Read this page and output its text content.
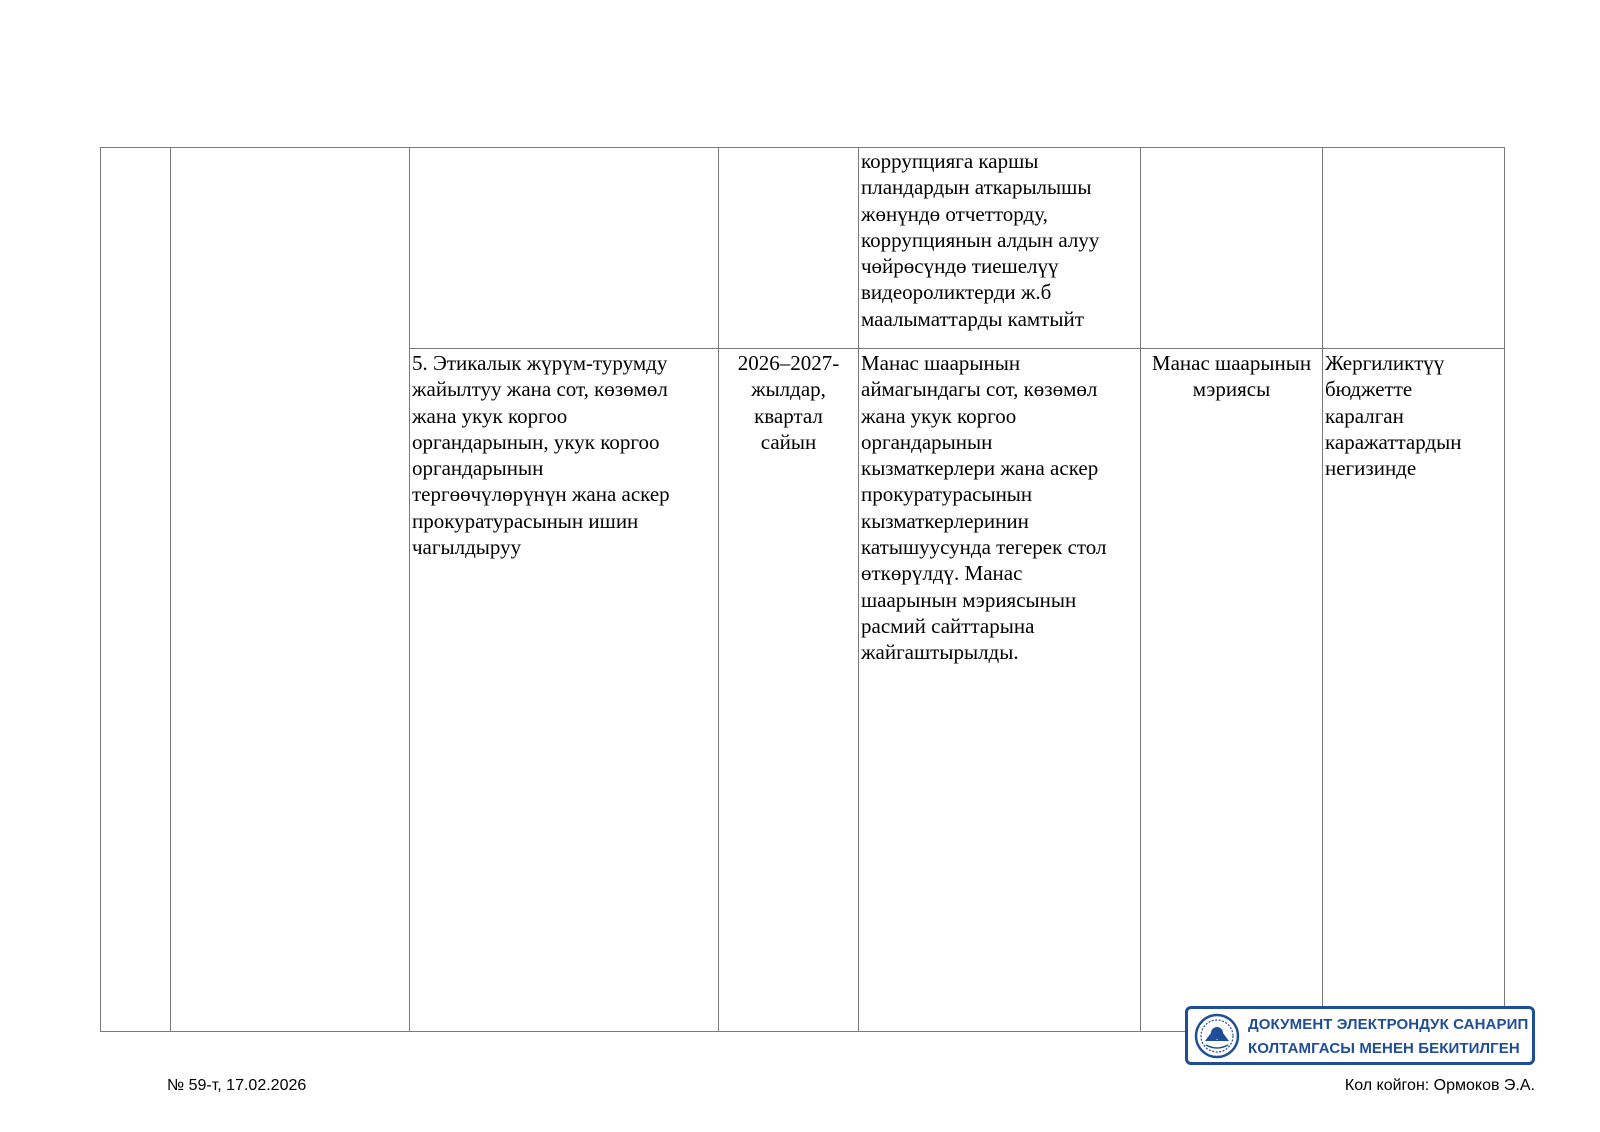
коррупцияга каршы
пландардын аткарылышы
жөнүндө отчетторду,
коррупциянын алдын алуу
чөйрөсүндө тиешелүү
видеороликтерди ж.б
маалыматтарды камтыйт
5. Этикалык жүрүм-турумду
жайылтуу жана сот, көзөмөл
жана укук коргоо
органдарынын, укук коргоо
органдарынын
тергөөчүлөрүнүн жана аскер
прокуратурасынын ишин
чагылдыруу
2026–2027-
жылдар,
квартал
сайын
Манас шаарынын
аймагындагы сот, көзөмөл
жана укук коргоо
органдарынын
кызматкерлери жана аскер
прокуратурасынын
кызматкерлеринин
катышуусунда тегерек стол
өткөрүлдү. Манас
шаарынын мэриясынын
расмий сайттарына
жайгаштырылды.
Манас шаарынын
мэриясы
Жергиликтүү
бюджетте
каралган
каражаттардын
негизинде
ДОКУМЕНТ ЭЛЕКТРОНДУК САНАРИП
КОЛТАМГАСЫ МЕНЕН БЕКИТИЛГЕН
№ 59-т, 17.02.2026	Кол койгон: Ормоков Э.А.
